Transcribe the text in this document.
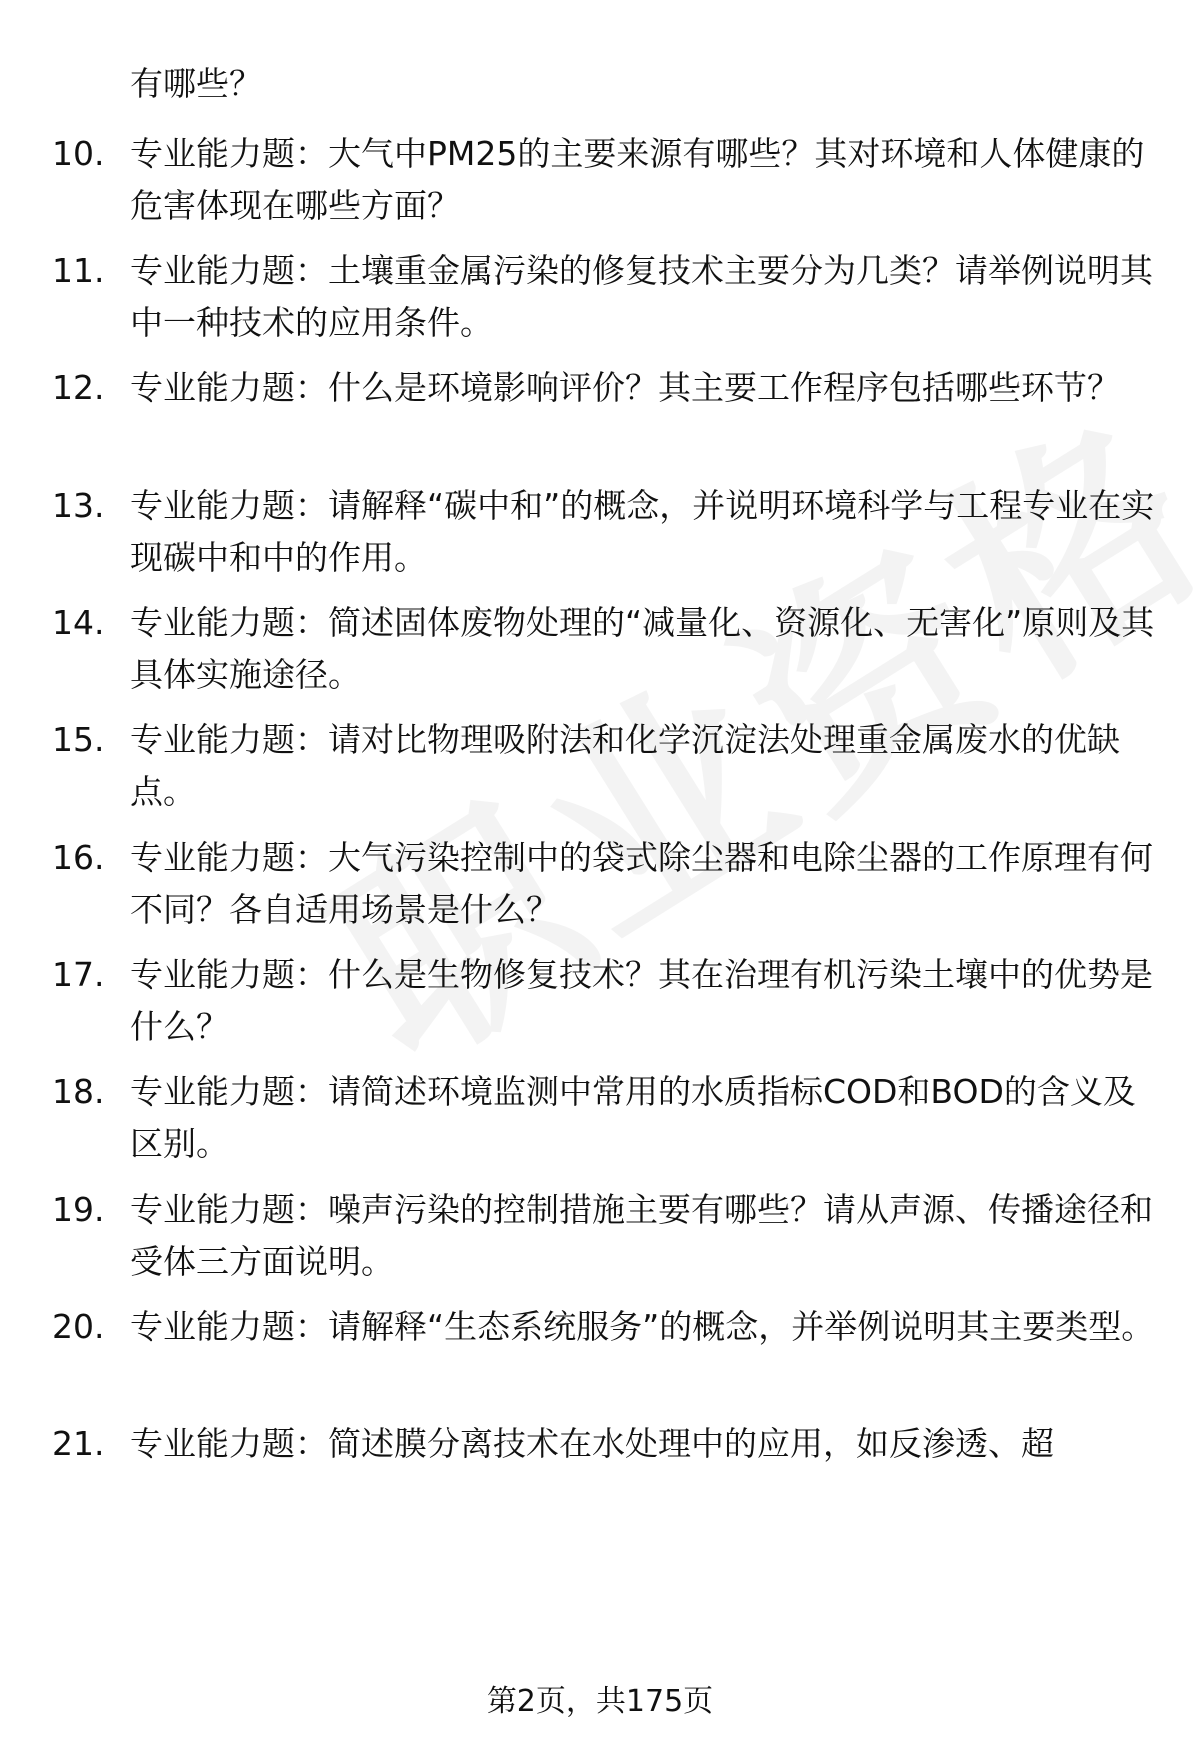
有哪些？
10. 专业能力题：大气中PM25的主要来源有哪些？其对环境和人体健康的危害体现在哪些方面？
11. 专业能力题：土壤重金属污染的修复技术主要分为几类？请举例说明其中一种技术的应用条件。
12. 专业能力题：什么是环境影响评价？其主要工作程序包括哪些环节？
13. 专业能力题：请解释“碳中和”的概念，并说明环境科学与工程专业在实现碳中和中的作用。
14. 专业能力题：简述固体废物处理的“减量化、资源化、无害化”原则及其具体实施途径。
15. 专业能力题：请对比物理吸附法和化学沉淀法处理重金属废水的优缺点。
16. 专业能力题：大气污染控制中的袋式除尘器和电除尘器的工作原理有何不同？各自适用场景是什么？
17. 专业能力题：什么是生物修复技术？其在治理有机污染土壤中的优势是什么？
18. 专业能力题：请简述环境监测中常用的水质指标COD和BOD的含义及区别。
19. 专业能力题：噪声污染的控制措施主要有哪些？请从声源、传播途径和受体三方面说明。
20. 专业能力题：请解释“生态系统服务”的概念，并举例说明其主要类型。
21. 专业能力题：简述膜分离技术在水处理中的应用，如反渗透、超
第2页，共175页
